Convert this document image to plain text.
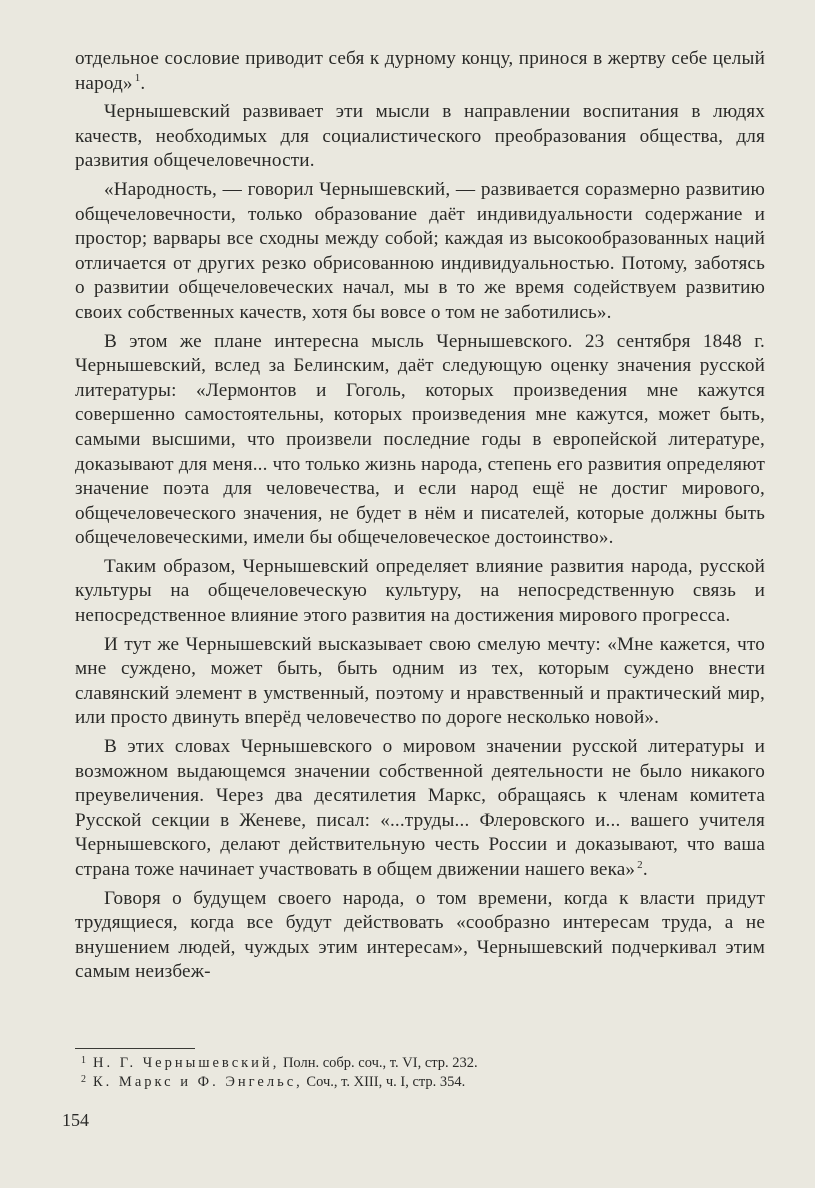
отдельное сословие приводит себя к дурному концу, принося в жертву себе целый народ» $^1$.

Чернышевский развивает эти мысли в направлении воспитания в людях качеств, необходимых для социалистического преобразования общества, для развития общечеловечности.

«Народность, — говорил Чернышевский, — развивается соразмерно развитию общечеловечности, только образование даёт индивидуальности содержание и простор; варвары все сходны между собой; каждая из высокообразованных наций отличается от других резко обрисованною индивидуальностью. Потому, заботясь о развитии общечеловеческих начал, мы в то же время содействуем развитию своих собственных качеств, хотя бы вовсе о том не заботились».

В этом же плане интересна мысль Чернышевского. 23 сентября 1848 г. Чернышевский, вслед за Белинским, даёт следующую оценку значения русской литературы: «Лермонтов и Гоголь, которых произведения мне кажутся совершенно самостоятельны, которых произведения мне кажутся, может быть, самыми высшими, что произвели последние годы в европейской литературе, доказывают для меня... что только жизнь народа, степень его развития определяют значение поэта для человечества, и если народ ещё не достиг мирового, общечеловеческого значения, не будет в нём и писателей, которые должны быть общечеловеческими, имели бы общечеловеческое достоинство».

Таким образом, Чернышевский определяет влияние развития народа, русской культуры на общечеловеческую культуру, на непосредственную связь и непосредственное влияние этого развития на достижения мирового прогресса.

И тут же Чернышевский высказывает свою смелую мечту: «Мне кажется, что мне суждено, может быть, быть одним из тех, которым суждено внести славянский элемент в умственный, поэтому и нравственный и практический мир, или просто двинуть вперёд человечество по дороге несколько новой».

В этих словах Чернышевского о мировом значении русской литературы и возможном выдающемся значении собственной деятельности не было никакого преувеличения. Через два десятилетия Маркс, обращаясь к членам комитета Русской секции в Женеве, писал: «...труды... Флеровского и... вашего учителя Чернышевского, делают действительную честь России и доказывают, что ваша страна тоже начинает участвовать в общем движении нашего века» $^2$.

Говоря о будущем своего народа, о том времени, когда к власти придут трудящиеся, когда все будут действовать «сообразно интересам труда, а не внушением людей, чуждых этим интересам», Чернышевский подчеркивал этим самым неизбеж-

1 Н. Г. Чернышевский, Полн. собр. соч., т. VI, стр. 232.
2 К. Маркс и Ф. Энгельс, Соч., т. XIII, ч. I, стр. 354.
154
